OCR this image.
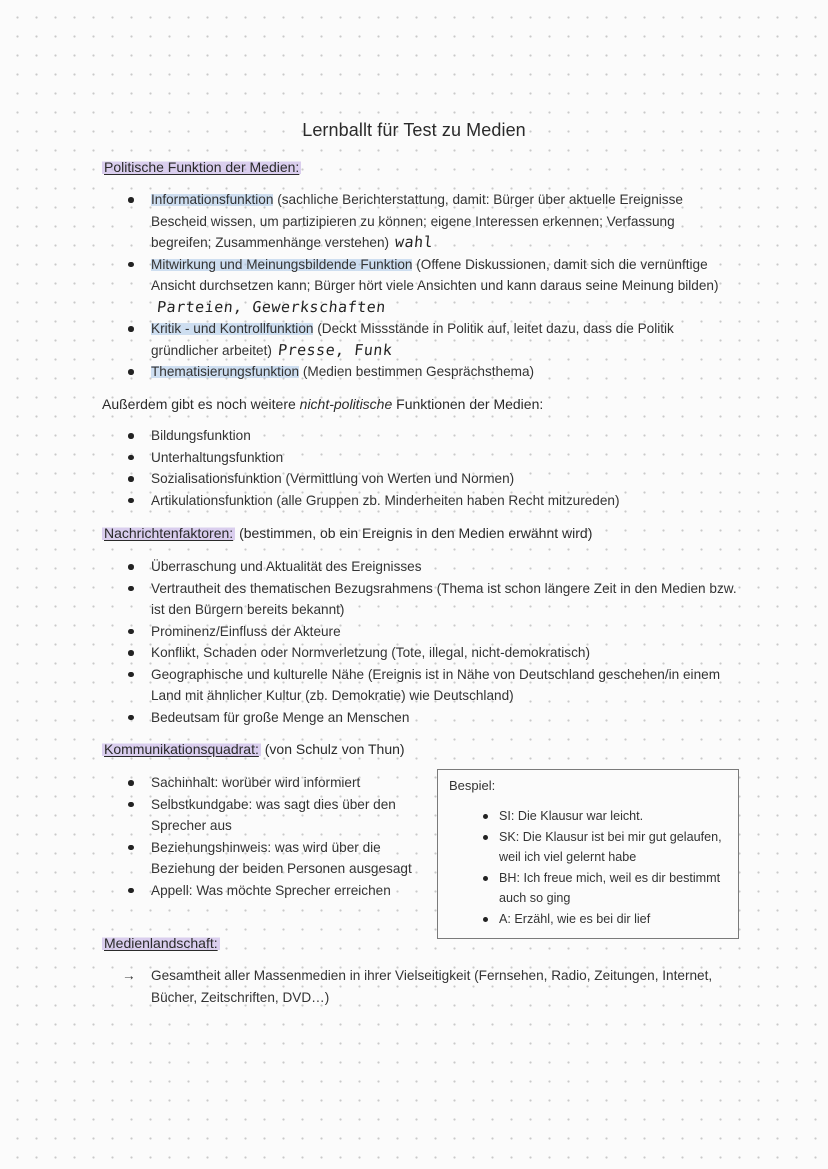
Lernballt für Test zu Medien
Politische Funktion der Medien:
Informationsfunktion (sachliche Berichterstattung, damit: Bürger über aktuelle Ereignisse Bescheid wissen, um partizipieren zu können; eigene Interessen erkennen; Verfassung begreifen; Zusammenhänge verstehen) wahl
Mitwirkung und Meinungsbildende Funktion (Offene Diskussionen, damit sich die vernünftige Ansicht durchsetzen kann; Bürger hört viele Ansichten und kann daraus seine Meinung bilden)Parteien, Gewerkschaften
Kritik - und Kontrollfunktion (Deckt Missstände in Politik auf, leitet dazu, dass die Politik gründlicher arbeitet) Presse, Funk
Thematisierungsfunktion (Medien bestimmen Gesprächsthema)
Außerdem gibt es noch weitere nicht-politische Funktionen der Medien:
Bildungsfunktion
Unterhaltungsfunktion
Sozialisationsfunktion (Vermittlung von Werten und Normen)
Artikulationsfunktion (alle Gruppen zb. Minderheiten haben Recht mitzureden)
Nachrichtenfaktoren: (bestimmen, ob ein Ereignis in den Medien erwähnt wird)
Überraschung und Aktualität des Ereignisses
Vertrautheit des thematischen Bezugsrahmens (Thema ist schon längere Zeit in den Medien bzw. ist den Bürgern bereits bekannt)
Prominenz/Einfluss der Akteure
Konflikt, Schaden oder Normverletzung (Tote, illegal, nicht-demokratisch)
Geographische und kulturelle Nähe (Ereignis ist in Nähe von Deutschland geschehen/in einem Land mit ähnlicher Kultur (zb. Demokratie) wie Deutschland)
Bedeutsam für große Menge an Menschen
Kommunikationsquadrat: (von Schulz von Thun)
Sachinhalt: worüber wird informiert
Selbstkundgabe: was sagt dies über den Sprecher aus
Beziehungshinweis: was wird über die Beziehung der beiden Personen ausgesagt
Appell: Was möchte Sprecher erreichen
Bespiel:
SI: Die Klausur war leicht.
SK: Die Klausur ist bei mir gut gelaufen, weil ich viel gelernt habe
BH: Ich freue mich, weil es dir bestimmt auch so ging
A: Erzähl, wie es bei dir lief
Medienlandschaft:
→	Gesamtheit aller Massenmedien in ihrer Vielseitigkeit (Fernsehen, Radio, Zeitungen, Internet, Bücher, Zeitschriften, DVD…)
